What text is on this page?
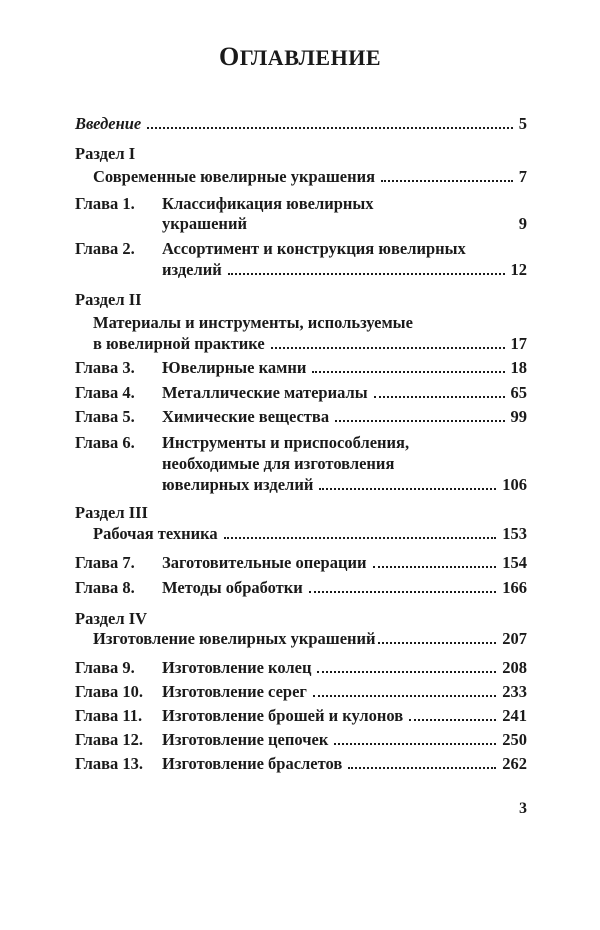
ОГЛАВЛЕНИЕ
Введение	5
Раздел I
Современные ювелирные украшения	7
Глава 1. Классификация ювелирных
украшений	9
Глава 2. Ассортимент и конструкция ювелирных
изделий	12
Раздел II
Материалы и инструменты, используемые
в ювелирной практике	17
Глава 3. Ювелирные камни	18
Глава 4. Металлические материалы	65
Глава 5. Химические вещества	99
Глава 6. Инструменты и приспособления,
необходимые для изготовления
ювелирных изделий	106
Раздел III
Рабочая техника	153
Глава 7. Заготовительные операции	154
Глава 8. Методы обработки	166
Раздел IV
Изготовление ювелирных украшений	207
Глава 9. Изготовление колец	208
Глава 10. Изготовление серег	233
Глава 11. Изготовление брошей и кулонов	241
Глава 12. Изготовление цепочек	250
Глава 13. Изготовление браслетов	262
3
